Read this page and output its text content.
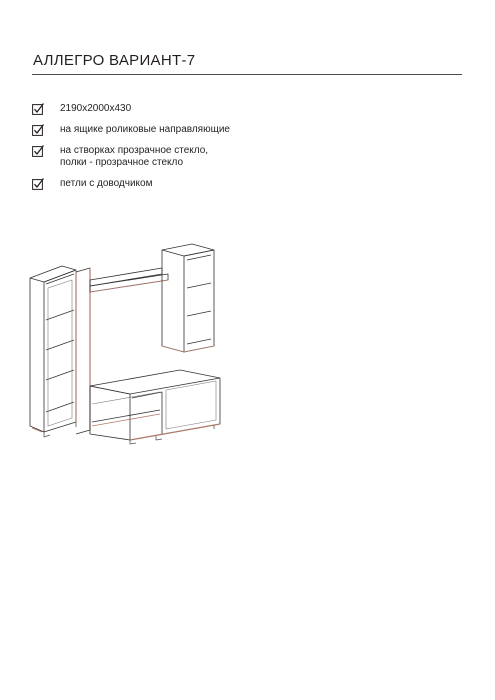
АЛЛЕГРО ВАРИАНТ-7
2190x2000x430
на ящике роликовые направляющие
на створках прозрачное стекло,
полки - прозрачное стекло
петли с доводчиком
